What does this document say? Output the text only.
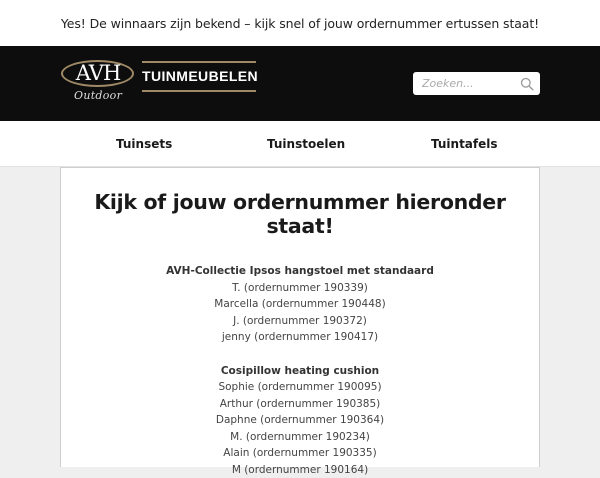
Yes! De winnaars zijn bekend – kijk snel of jouw ordernummer ertussen staat!
AVH
Outdoor
TUINMEUBELEN
Zoeken...
Tuinsets	Tuinstoelen	Tuintafels
Kijk of jouw ordernummer hieronder staat!
AVH-Collectie Ipsos hangstoel met standaard

T. (ordernummer 190339)

Marcella (ordernummer 190448)

J. (ordernummer 190372)

jenny (ordernummer 190417)

Cosipillow heating cushion

Sophie (ordernummer 190095)

Arthur (ordernummer 190385)

Daphne (ordernummer 190364)

M. (ordernummer 190234)

Alain (ordernummer 190335)

M (ordernummer 190164)
